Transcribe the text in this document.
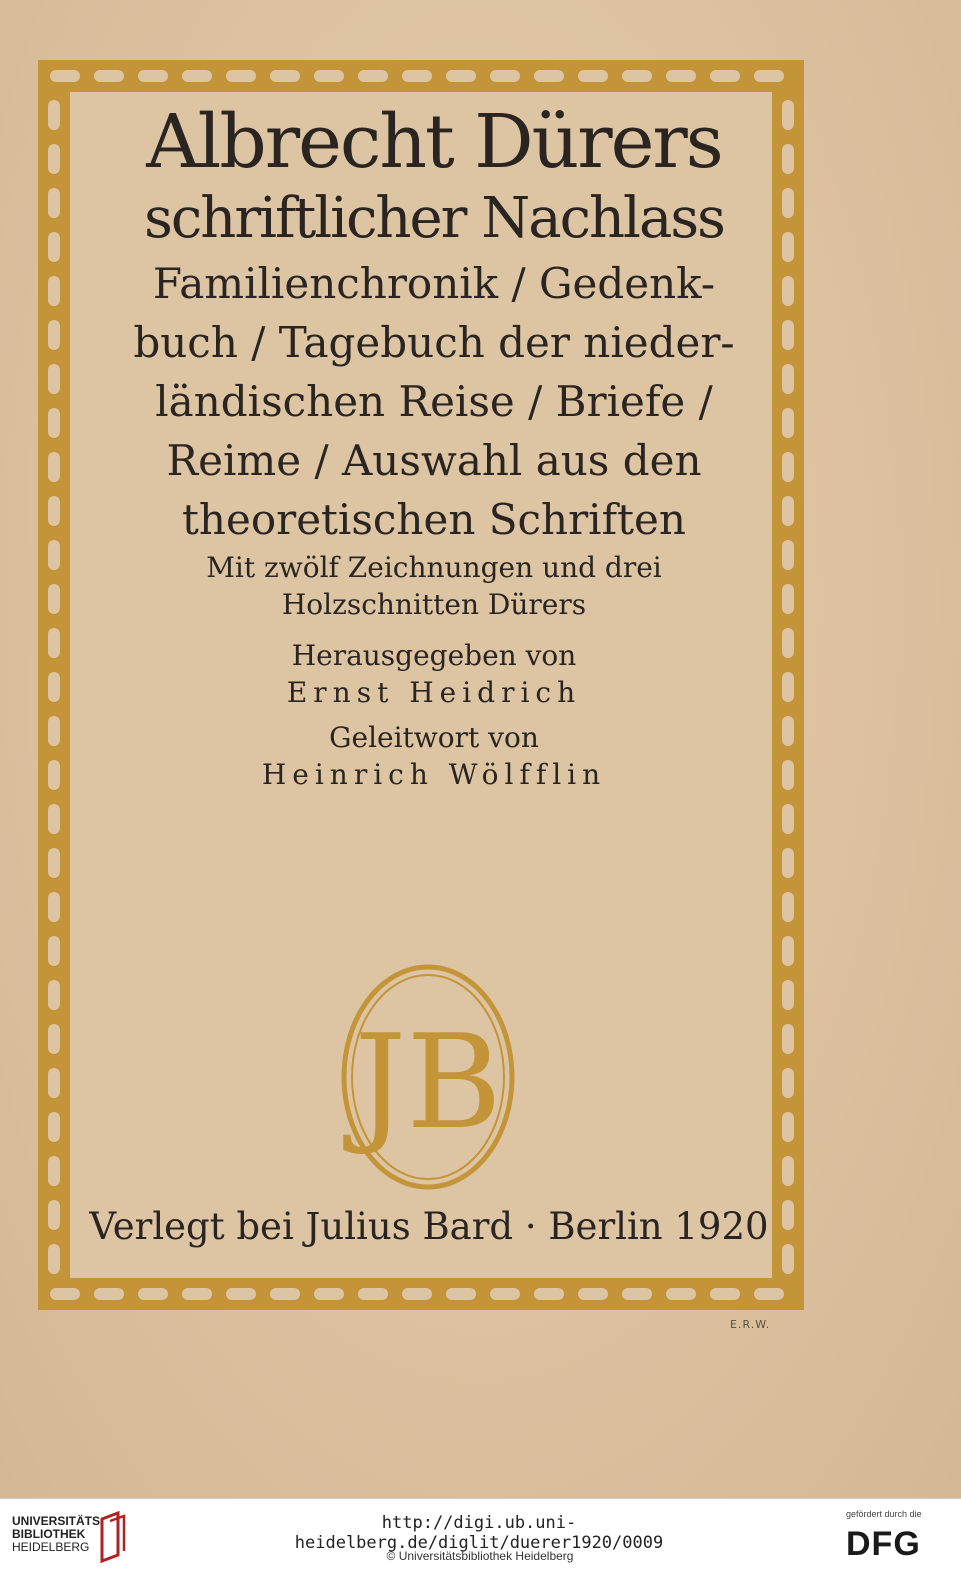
Albrecht Dürers
schriftlicher Nachlass
Familienchronik / Gedenk-
buch / Tagebuch der nieder-
ländischen Reise / Briefe /
Reime / Auswahl aus den
theoretischen Schriften
Mit zwölf Zeichnungen und drei
Holzschnitten Dürers
Herausgegeben von
Ernst Heidrich
Geleitwort von
Heinrich Wölfflin
JB
Verlegt bei Julius Bard · Berlin 1920
E.R.W.
UNIVERSITÄTS-
BIBLIOTHEK
HEIDELBERG
http://digi.ub.uni-heidelberg.de/diglit/duerer1920/0009
© Universitätsbibliothek Heidelberg
gefördert durch die
DFG
